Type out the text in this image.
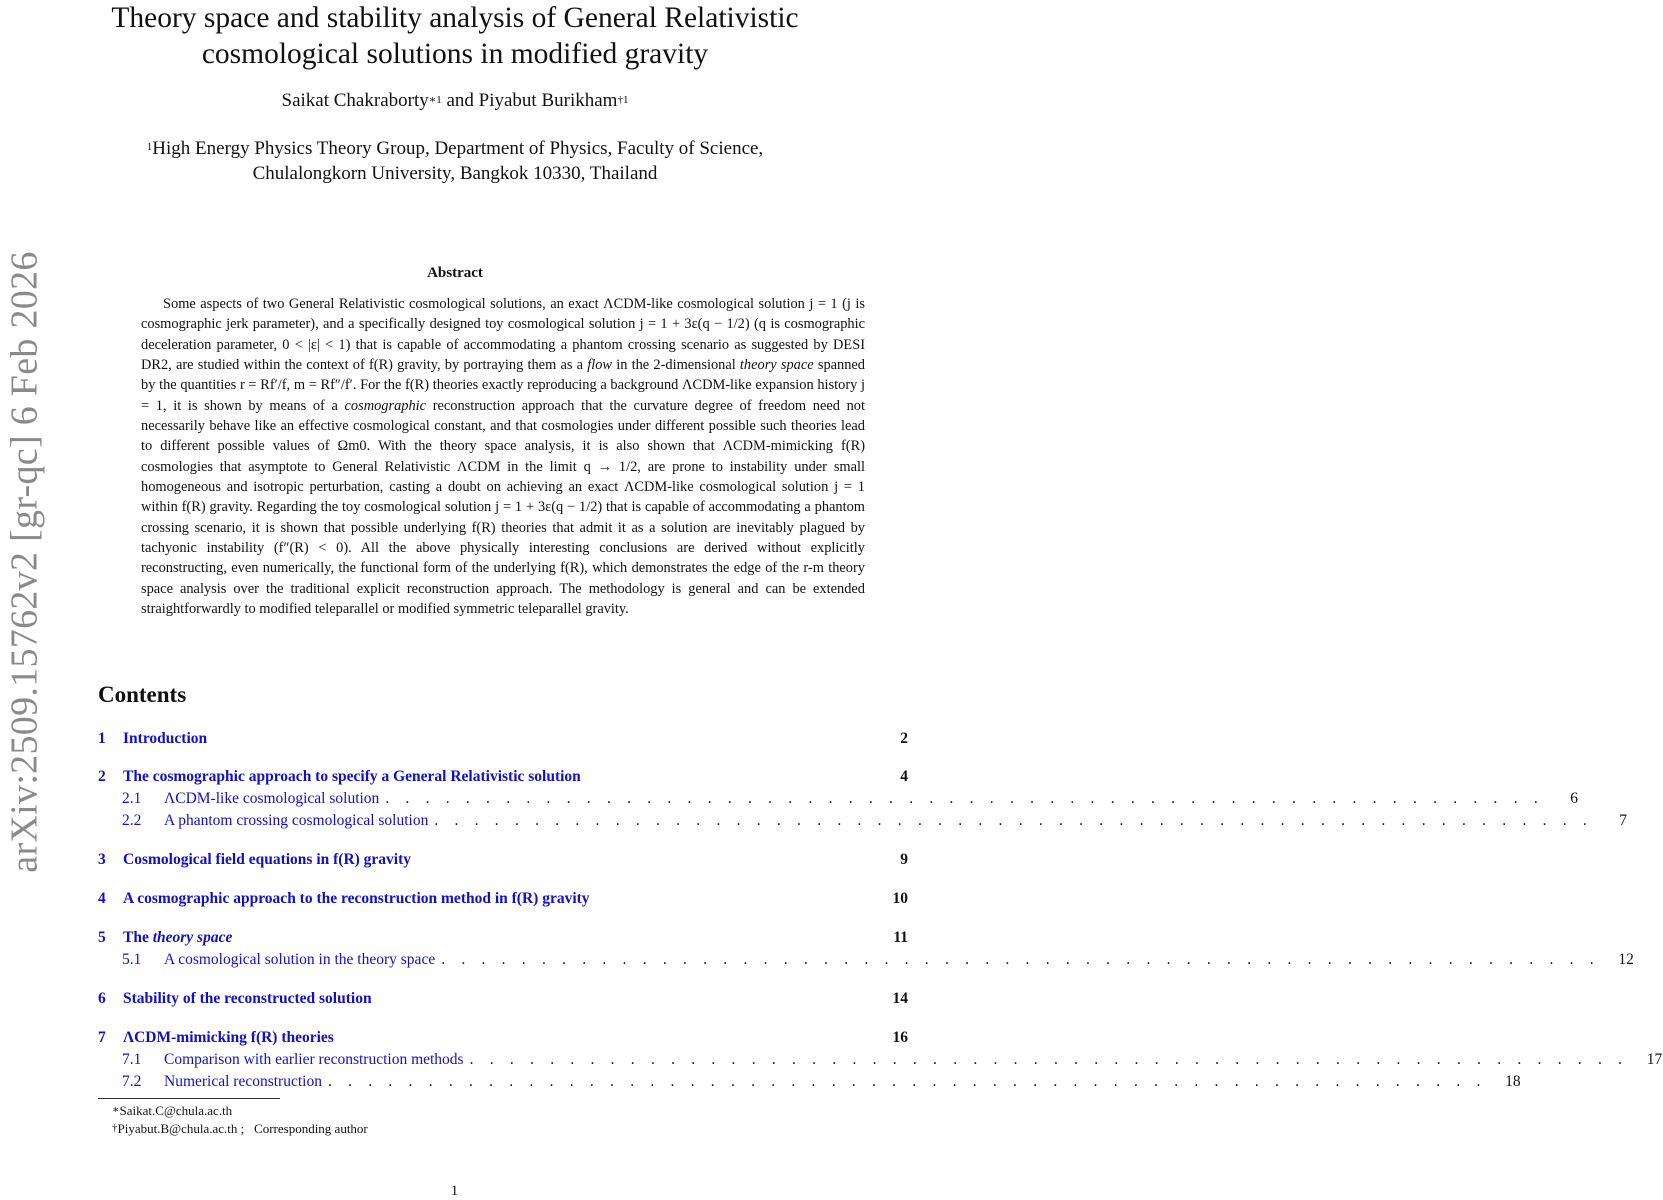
arXiv:2509.15762v2 [gr-qc] 6 Feb 2026
Theory space and stability analysis of General Relativistic
cosmological solutions in modified gravity
Saikat Chakraborty$^{∗1}$ and Piyabut Burikham$^{\dagger 1}$
$^1$High Energy Physics Theory Group, Department of Physics, Faculty of Science,
Chulalongkorn University, Bangkok 10330, Thailand
Abstract

Some aspects of two General Relativistic cosmological solutions, an exact ΛCDM-like cosmological solution j = 1 (j is cosmographic jerk parameter), and a specifically designed toy cosmological solution j = 1 + 3ε(q − 1/2) (q is cosmographic deceleration parameter, 0 < |ε| < 1) that is capable of accommodating a phantom crossing scenario as suggested by DESI DR2, are studied within the context of f(R) gravity, by portraying them as a flow in the 2-dimensional theory space spanned by the quantities r = Rf′/f, m = Rf″/f′. For the f(R) theories exactly reproducing a background ΛCDM-like expansion history j = 1, it is shown by means of a cosmographic reconstruction approach that the curvature degree of freedom need not necessarily behave like an effective cosmological constant, and that cosmologies under different possible such theories lead to different possible values of Ωm0. With the theory space analysis, it is also shown that ΛCDM-mimicking f(R) cosmologies that asymptote to General Relativistic ΛCDM in the limit q → 1/2, are prone to instability under small homogeneous and isotropic perturbation, casting a doubt on achieving an exact ΛCDM-like cosmological solution j = 1 within f(R) gravity. Regarding the toy cosmological solution j = 1 + 3ε(q − 1/2) that is capable of accommodating a phantom crossing scenario, it is shown that possible underlying f(R) theories that admit it as a solution are inevitably plagued by tachyonic instability (f″(R) < 0). All the above physically interesting conclusions are derived without explicitly reconstructing, even numerically, the functional form of the underlying f(R), which demonstrates the edge of the r-m theory space analysis over the traditional explicit reconstruction approach. The methodology is general and can be extended straightforwardly to modified teleparallel or modified symmetric teleparallel gravity.

Contents
1	Introduction	2
2	The cosmographic approach to specify a General Relativistic solution	4
2.1	ΛCDM-like cosmological solution . . . . . . . . . . . . . . . . . . . . . . . . . . . . . . . . . . . . . . . . . . . . . . . . . . . . . . . . . .	6
2.2	A phantom crossing cosmological solution . . . . . . . . . . . . . . . . . . . . . . . . . . . . . . . . . . . . . . . . . . . . . . . . . . . . . . . . . .	7
3	Cosmological field equations in f(R) gravity	9
4	A cosmographic approach to the reconstruction method in f(R) gravity	10
5	The theory space	11
5.1	A cosmological solution in the theory space . . . . . . . . . . . . . . . . . . . . . . . . . . . . . . . . . . . . . . . . . . . . . . . . . . . . . . . . . . 12
6	Stability of the reconstructed solution	14
7	ΛCDM-mimicking f(R) theories	16
7.1	Comparison with earlier reconstruction methods . . . . . . . . . . . . . . . . . . . . . . . . . . . . . . . . . . . . . . . . . . . . . . . . . . . . . . . . . . 17
7.2	Numerical reconstruction . . . . . . . . . . . . . . . . . . . . . . . . . . . . . . . . . . . . . . . . . . . . . . . . . . . . . . . . . . 18
∗Saikat.C@chula.ac.th
†Piyabut.B@chula.ac.th ;   Corresponding author
1
